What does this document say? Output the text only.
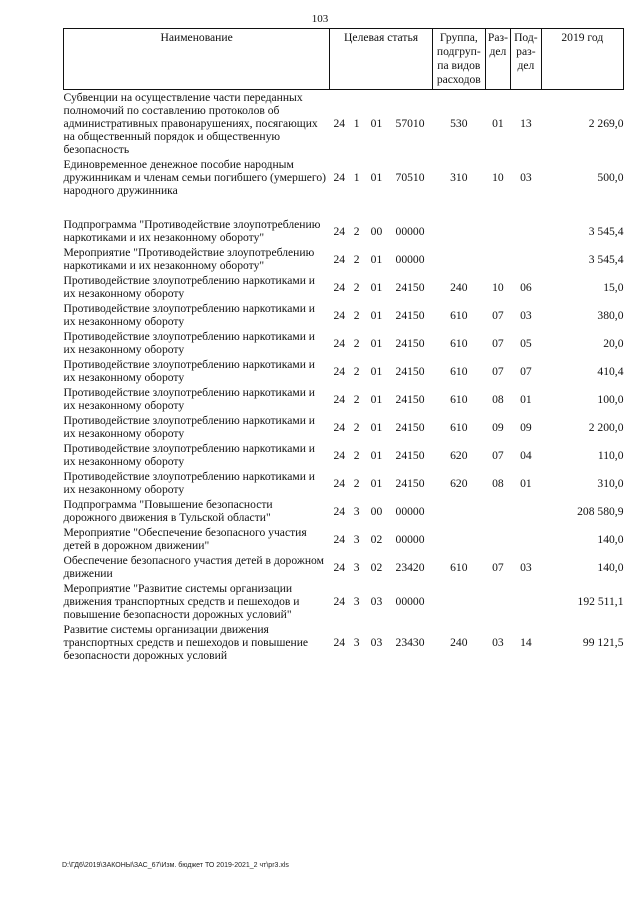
103
Наименование	Целевая статья				Группа, подгруп- па видов расходов	Раз- дел	Под- раз- дел	2019 год
Субвенции на осуществление части переданных полномочий по составлению протоколов об административных правонарушениях, посягающих на общественный порядок и общественную безопасность	24	1	01	57010	530	01	13	2 269,0
Единовременное денежное пособие народным дружинникам и членам семьи погибшего (умершего) народного дружинника	24	1	01	70510	310	10	03	500,0

Подпрограмма "Противодействие злоупотреблению наркотиками и их незаконному обороту"	24	2	00	00000				3 545,4
Мероприятие "Противодействие злоупотреблению наркотиками и их незаконному обороту"	24	2	01	00000				3 545,4
Противодействие злоупотреблению наркотиками и их незаконному обороту	24	2	01	24150	240	10	06	15,0
Противодействие злоупотреблению наркотиками и их незаконному обороту	24	2	01	24150	610	07	03	380,0
Противодействие злоупотреблению наркотиками и их незаконному обороту	24	2	01	24150	610	07	05	20,0
Противодействие злоупотреблению наркотиками и их незаконному обороту	24	2	01	24150	610	07	07	410,4
Противодействие злоупотреблению наркотиками и их незаконному обороту	24	2	01	24150	610	08	01	100,0
Противодействие злоупотреблению наркотиками и их незаконному обороту	24	2	01	24150	610	09	09	2 200,0
Противодействие злоупотреблению наркотиками и их незаконному обороту	24	2	01	24150	620	07	04	110,0
Противодействие злоупотреблению наркотиками и их незаконному обороту	24	2	01	24150	620	08	01	310,0
Подпрограмма "Повышение безопасности дорожного движения в Тульской области"	24	3	00	00000				208 580,9
Мероприятие "Обеспечение безопасного участия детей в дорожном движении"	24	3	02	00000				140,0
Обеспечение безопасного участия детей в дорожном движении	24	3	02	23420	610	07	03	140,0
Мероприятие "Развитие системы организации движения транспортных средств и пешеходов и повышение безопасности дорожных условий"	24	3	03	00000				192 511,1
Развитие системы организации движения транспортных средств и пешеходов и повышение безопасности дорожных условий	24	3	03	23430	240	03	14	99 121,5
D:\ГД6\2019\ЗАКОНЫ\ЗАС_67\Изм. бюджет ТО 2019-2021_2 чт\pr3.xls
